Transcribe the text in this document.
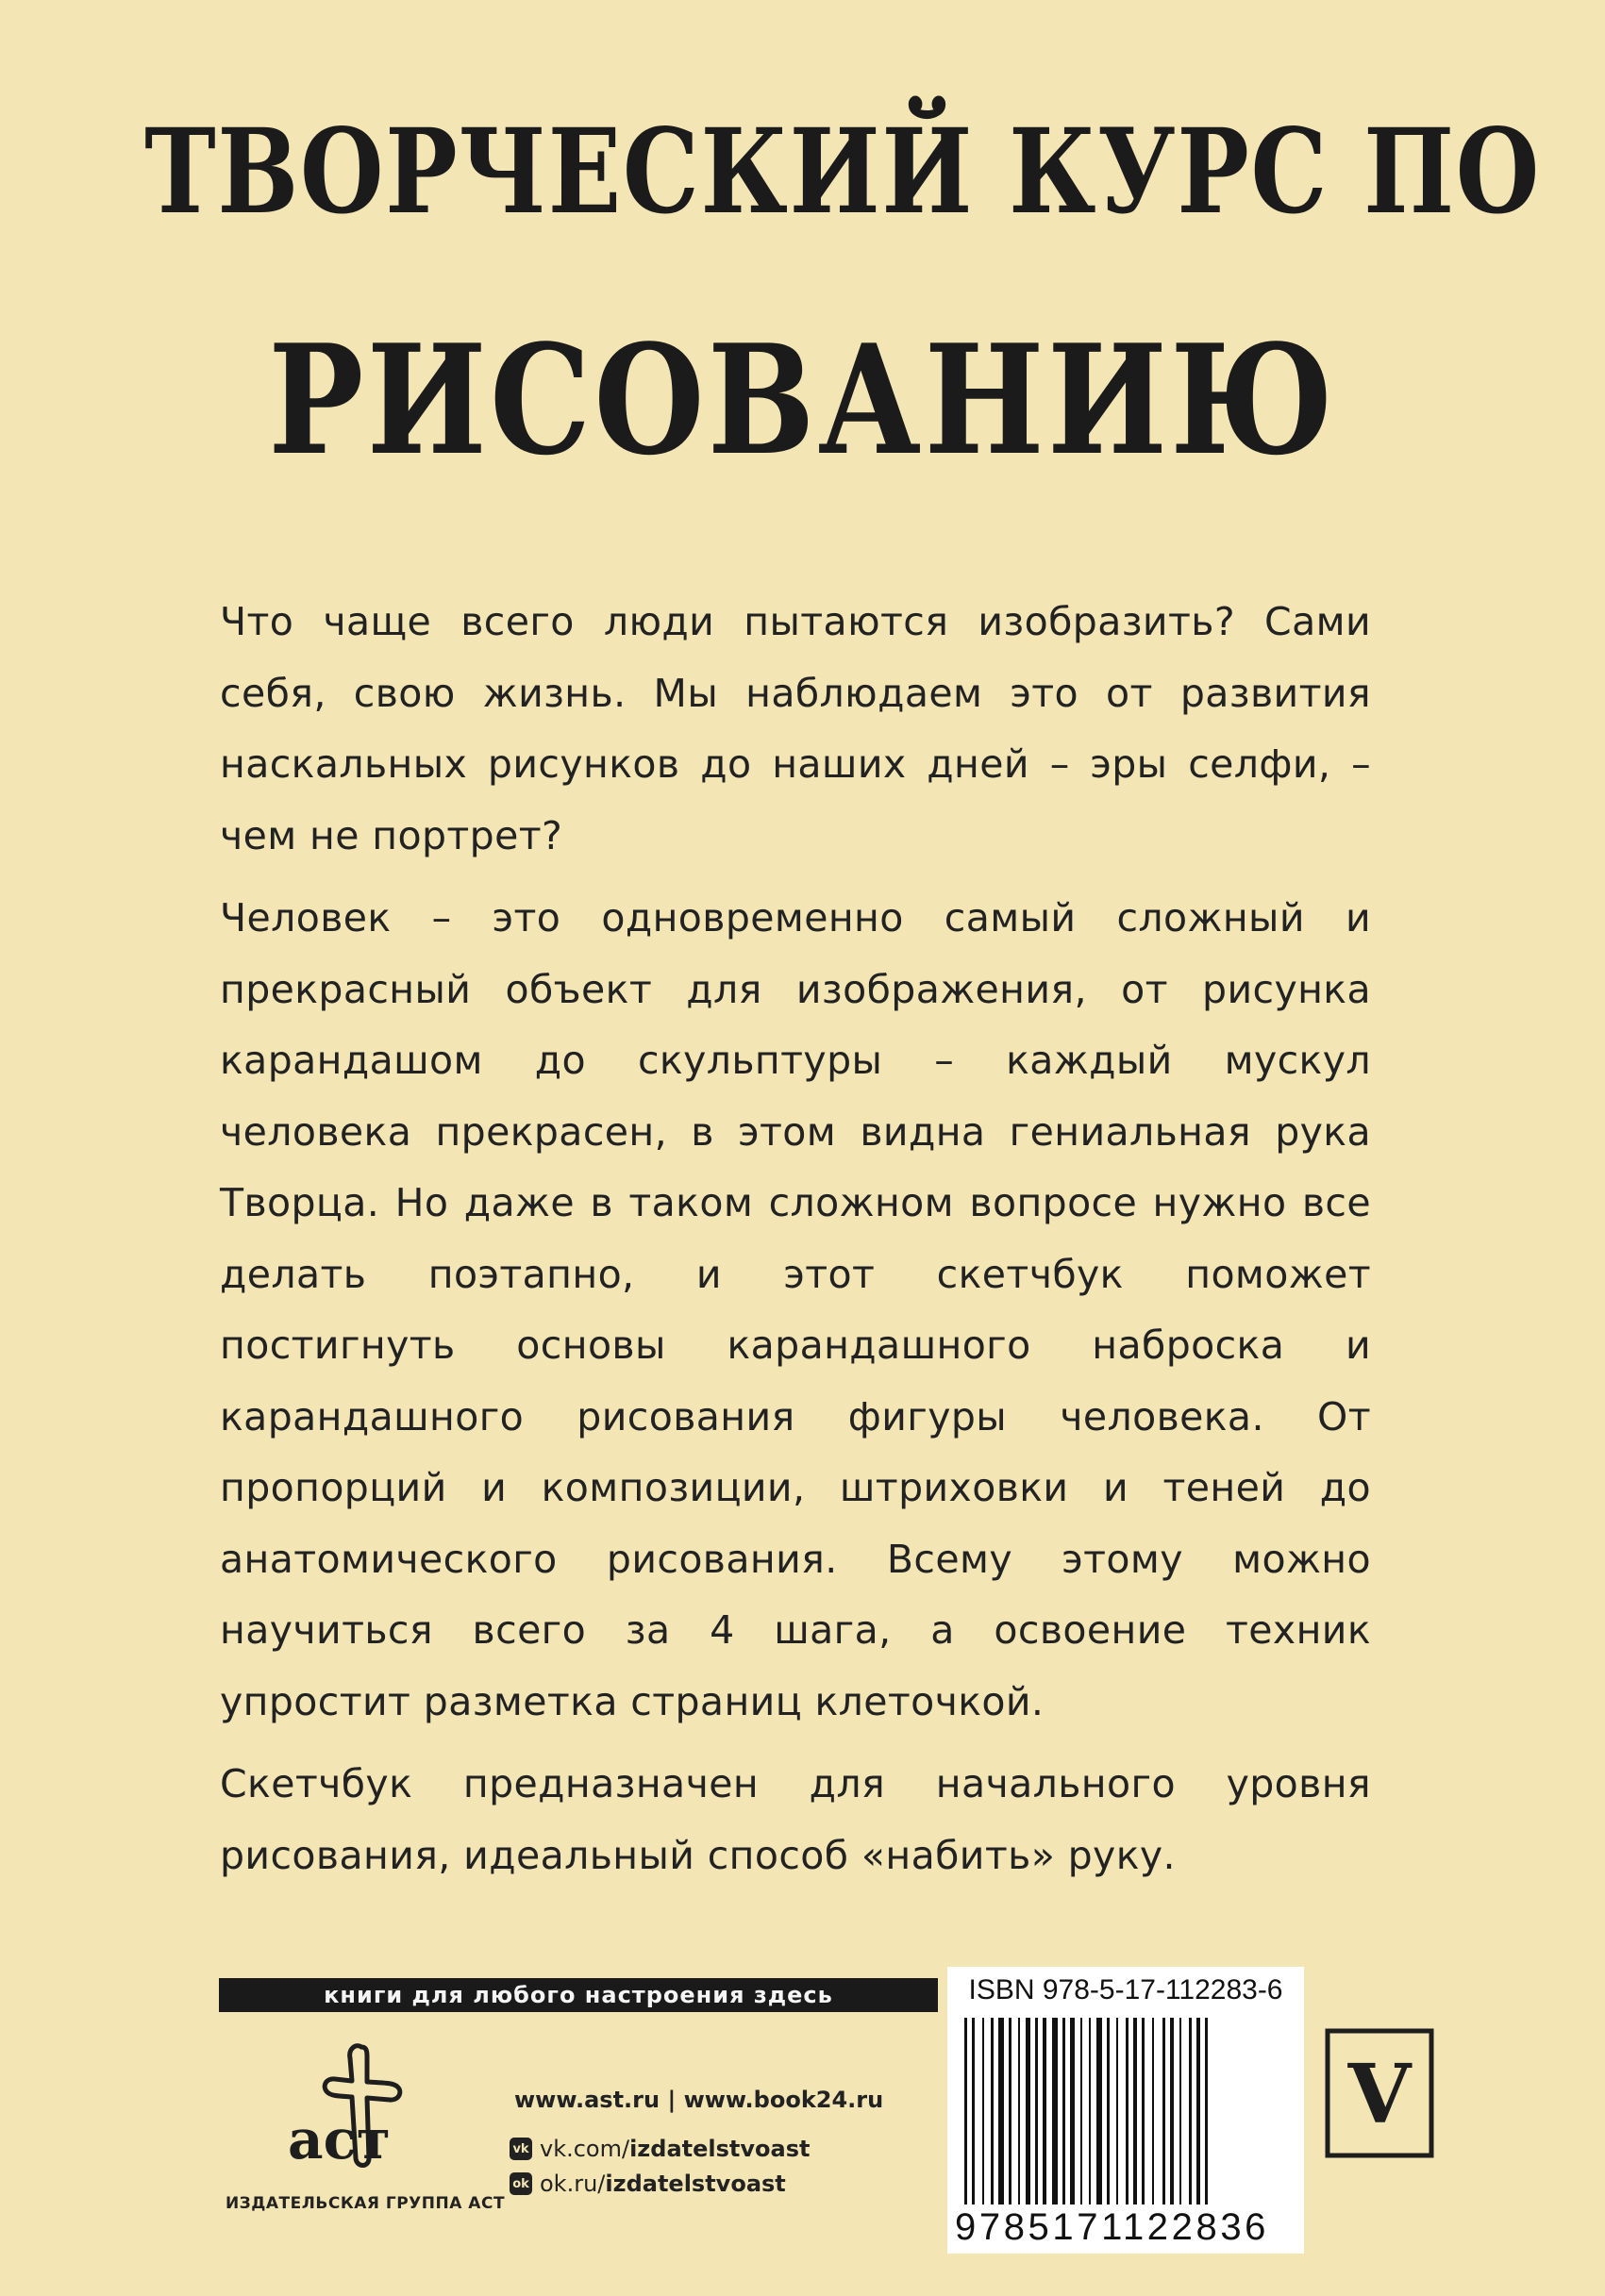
ТВОРЧЕСКИЙ КУРС ПО
РИСОВАНИЮ

Что чаще всего люди пытаются изобразить? Сами себя, свою жизнь. Мы наблюдаем это от развития наскальных рисунков до наших дней – эры селфи, – чем не портрет?

Человек – это одновременно самый сложный и прекрасный объект для изображения, от рисунка карандашом до скульптуры – каждый мускул человека прекрасен, в этом видна гениальная рука Творца. Но даже в таком сложном вопросе нужно все делать поэтапно, и этот скетчбук поможет постигнуть основы карандашного наброска и карандашного рисования фигуры человека. От пропорций и композиции, штриховки и теней до анатомического рисования. Всему этому можно научиться всего за 4 шага, а освоение техник упростит разметка страниц клеточкой.

Скетчбук предназначен для начального уровня рисования, идеальный способ «набить» руку.

книги для любого настроения здесь
аст
ИЗДАТЕЛЬСКАЯ ГРУППА АСТ
www.ast.ru | www.book24.ru
vk vk.com/ izdatelstvoast
ok ok.ru/ izdatelstvoast
ISBN 978-5-17-112283-6
9785171122836
V
